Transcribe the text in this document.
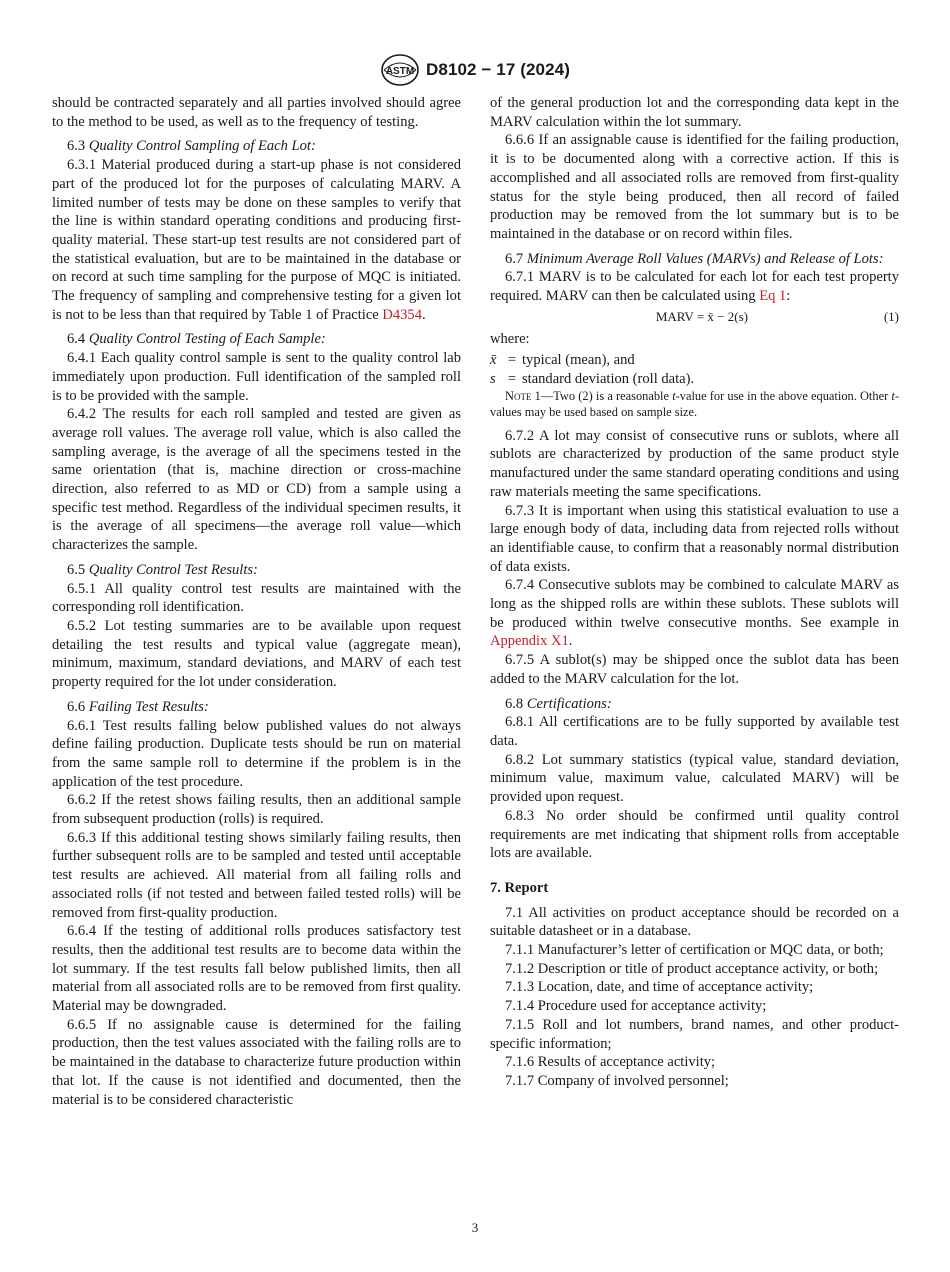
ASTM D8102 − 17 (2024)

should be contracted separately and all parties involved should agree to the method to be used, as well as to the frequency of testing.

6.3 Quality Control Sampling of Each Lot:

6.3.1 Material produced during a start-up phase is not considered part of the produced lot for the purposes of calculating MARV. A limited number of tests may be done on these samples to verify that the line is within standard operating conditions and producing first-quality material. These start-up test results are not considered part of the statistical evaluation, but are to be maintained in the database or on record at such time sampling for the purpose of MQC is initiated. The frequency of sampling and comprehensive testing for a given lot is not to be less than that required by Table 1 of Practice D4354.

6.4 Quality Control Testing of Each Sample:

6.4.1 Each quality control sample is sent to the quality control lab immediately upon production. Full identification of the sampled roll is to be provided with the sample.

6.4.2 The results for each roll sampled and tested are given as average roll values. The average roll value, which is also called the sampling average, is the average of all the specimens tested in the same orientation (that is, machine direction or cross-machine direction, also referred to as MD or CD) from a sample using a specific test method. Regardless of the individual specimen results, it is the average of all specimens—the average roll value—which characterizes the sample.

6.5 Quality Control Test Results:

6.5.1 All quality control test results are maintained with the corresponding roll identification.

6.5.2 Lot testing summaries are to be available upon request detailing the test results and typical value (aggregate mean), minimum, maximum, standard deviations, and MARV of each test property required for the lot under consideration.

6.6 Failing Test Results:

6.6.1 Test results falling below published values do not always define failing production. Duplicate tests should be run on material from the same sample roll to determine if the problem is in the application of the test procedure.

6.6.2 If the retest shows failing results, then an additional sample from subsequent production (rolls) is required.

6.6.3 If this additional testing shows similarly failing results, then further subsequent rolls are to be sampled and tested until acceptable test results are achieved. All material from all failing rolls and associated rolls (if not tested and between failed tested rolls) will be removed from first-quality production.

6.6.4 If the testing of additional rolls produces satisfactory test results, then the additional test results are to become data within the lot summary. If the test results fall below published limits, then all material from all associated rolls are to be removed from first quality. Material may be downgraded.

6.6.5 If no assignable cause is determined for the failing production, then the test values associated with the failing rolls are to be maintained in the database to characterize future production within that lot. If the cause is not identified and documented, then the material is to be considered characteristic

of the general production lot and the corresponding data kept in the MARV calculation within the lot summary.

6.6.6 If an assignable cause is identified for the failing production, it is to be documented along with a corrective action. If this is accomplished and all associated rolls are removed from first-quality status for the style being produced, then all record of failed production may be removed from the lot summary but is to be maintained in the database or on record within files.

6.7 Minimum Average Roll Values (MARVs) and Release of Lots:

6.7.1 MARV is to be calculated for each lot for each test property required. MARV can then be calculated using Eq 1:

MARV = x̄ − 2(s)	(1)

where:

x̄ = typical (mean), and
s = standard deviation (roll data).

Note 1—Two (2) is a reasonable t-value for use in the above equation. Other t-values may be used based on sample size.

6.7.2 A lot may consist of consecutive runs or sublots, where all sublots are characterized by production of the same product style manufactured under the same standard operating conditions and using raw materials meeting the same specifications.

6.7.3 It is important when using this statistical evaluation to use a large enough body of data, including data from rejected rolls without an identifiable cause, to confirm that a reasonably normal distribution of data exists.

6.7.4 Consecutive sublots may be combined to calculate MARV as long as the shipped rolls are within these sublots. These sublots will be produced within twelve consecutive months. See example in Appendix X1.

6.7.5 A sublot(s) may be shipped once the sublot data has been added to the MARV calculation for the lot.

6.8 Certifications:

6.8.1 All certifications are to be fully supported by available test data.

6.8.2 Lot summary statistics (typical value, standard deviation, minimum value, maximum value, calculated MARV) will be provided upon request.

6.8.3 No order should be confirmed until quality control requirements are met indicating that shipment rolls from acceptable lots are available.

7. Report

7.1 All activities on product acceptance should be recorded on a suitable datasheet or in a database.

7.1.1 Manufacturer’s letter of certification or MQC data, or both;

7.1.2 Description or title of product acceptance activity, or both;

7.1.3 Location, date, and time of acceptance activity;

7.1.4 Procedure used for acceptance activity;

7.1.5 Roll and lot numbers, brand names, and other product-specific information;

7.1.6 Results of acceptance activity;

7.1.7 Company of involved personnel;

3
